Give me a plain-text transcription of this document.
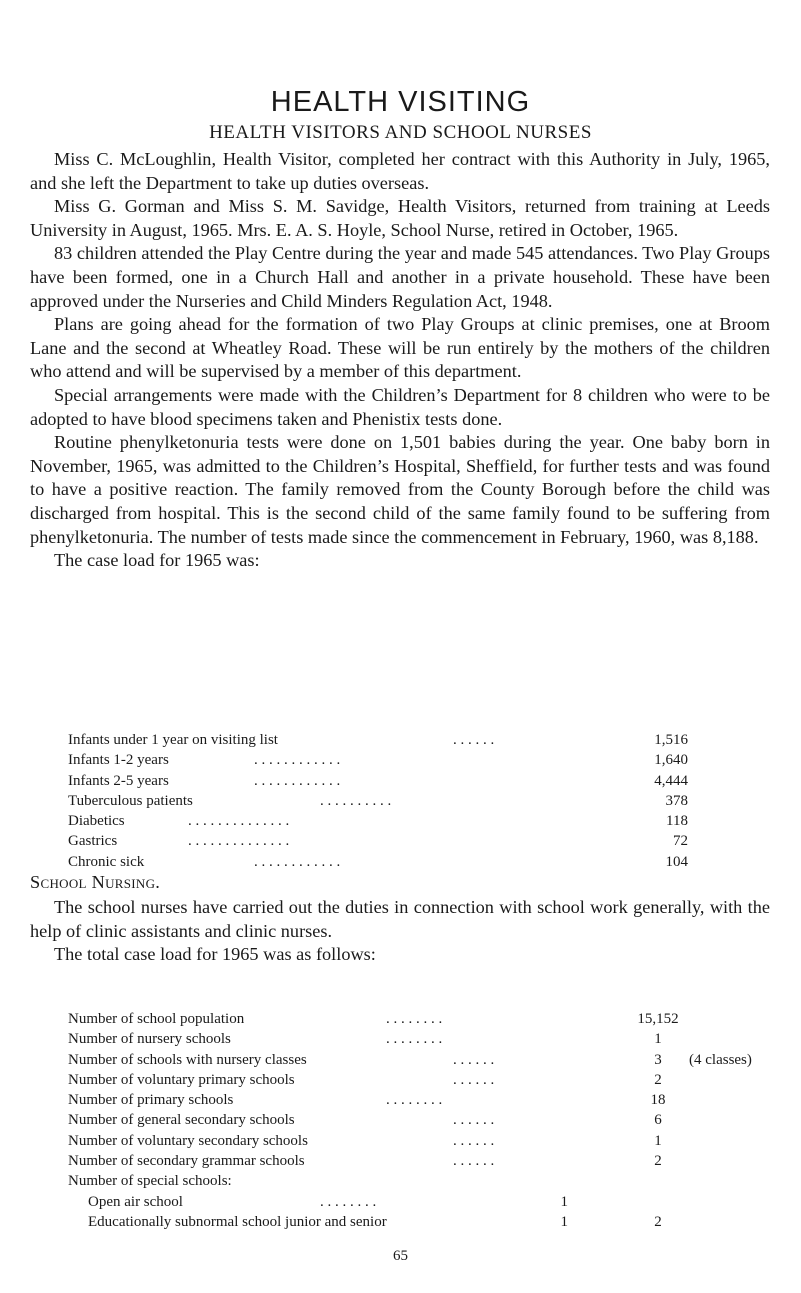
HEALTH VISITING
HEALTH VISITORS AND SCHOOL NURSES

Miss C. McLoughlin, Health Visitor, completed her contract with this Authority in July, 1965, and she left the Department to take up duties overseas.

Miss G. Gorman and Miss S. M. Savidge, Health Visitors, returned from training at Leeds University in August, 1965. Mrs. E. A. S. Hoyle, School Nurse, retired in October, 1965.

83 children attended the Play Centre during the year and made 545 attendances. Two Play Groups have been formed, one in a Church Hall and another in a private household. These have been approved under the Nurseries and Child Minders Regulation Act, 1948.

Plans are going ahead for the formation of two Play Groups at clinic premises, one at Broom Lane and the second at Wheatley Road. These will be run entirely by the mothers of the children who attend and will be supervised by a member of this department.

Special arrangements were made with the Children’s Department for 8 children who were to be adopted to have blood specimens taken and Phenistix tests done.

Routine phenylketonuria tests were done on 1,501 babies during the year. One baby born in November, 1965, was admitted to the Children’s Hospital, Sheffield, for further tests and was found to have a positive reaction. The family removed from the County Borough before the child was discharged from hospital. This is the second child of the same family found to be suffering from phenylketonuria. The number of tests made since the commencement in February, 1960, was 8,188.

The case load for 1965 was:

Infants under 1 year on visiting list	. . . . . .	1,516
Infants 1-2 years	. . . . . . . . . . . .	1,640
Infants 2-5 years	. . . . . . . . . . . .	4,444
Tuberculous patients	. . . . . . . . . .	378
Diabetics	. . . . . . . . . . . . . .	118
Gastrics	. . . . . . . . . . . . . .	72
Chronic sick	. . . . . . . . . . . .	104
School Nursing.

The school nurses have carried out the duties in connection with school work generally, with the help of clinic assistants and clinic nurses.

The total case load for 1965 was as follows:

Number of school population	. . . . . . . .	15,152
Number of nursery schools	. . . . . . . .	1
Number of schools with nursery classes	. . . . . .	3	(4 classes)
Number of voluntary primary schools	. . . . . .	2
Number of primary schools	. . . . . . . .	18
Number of general secondary schools	. . . . . .	6
Number of voluntary secondary schools	. . . . . .	1
Number of secondary grammar schools	. . . . . .	2
Number of special schools:
Open air school	. . . . . . . .	1
Educationally subnormal school junior and senior	1	2
65
